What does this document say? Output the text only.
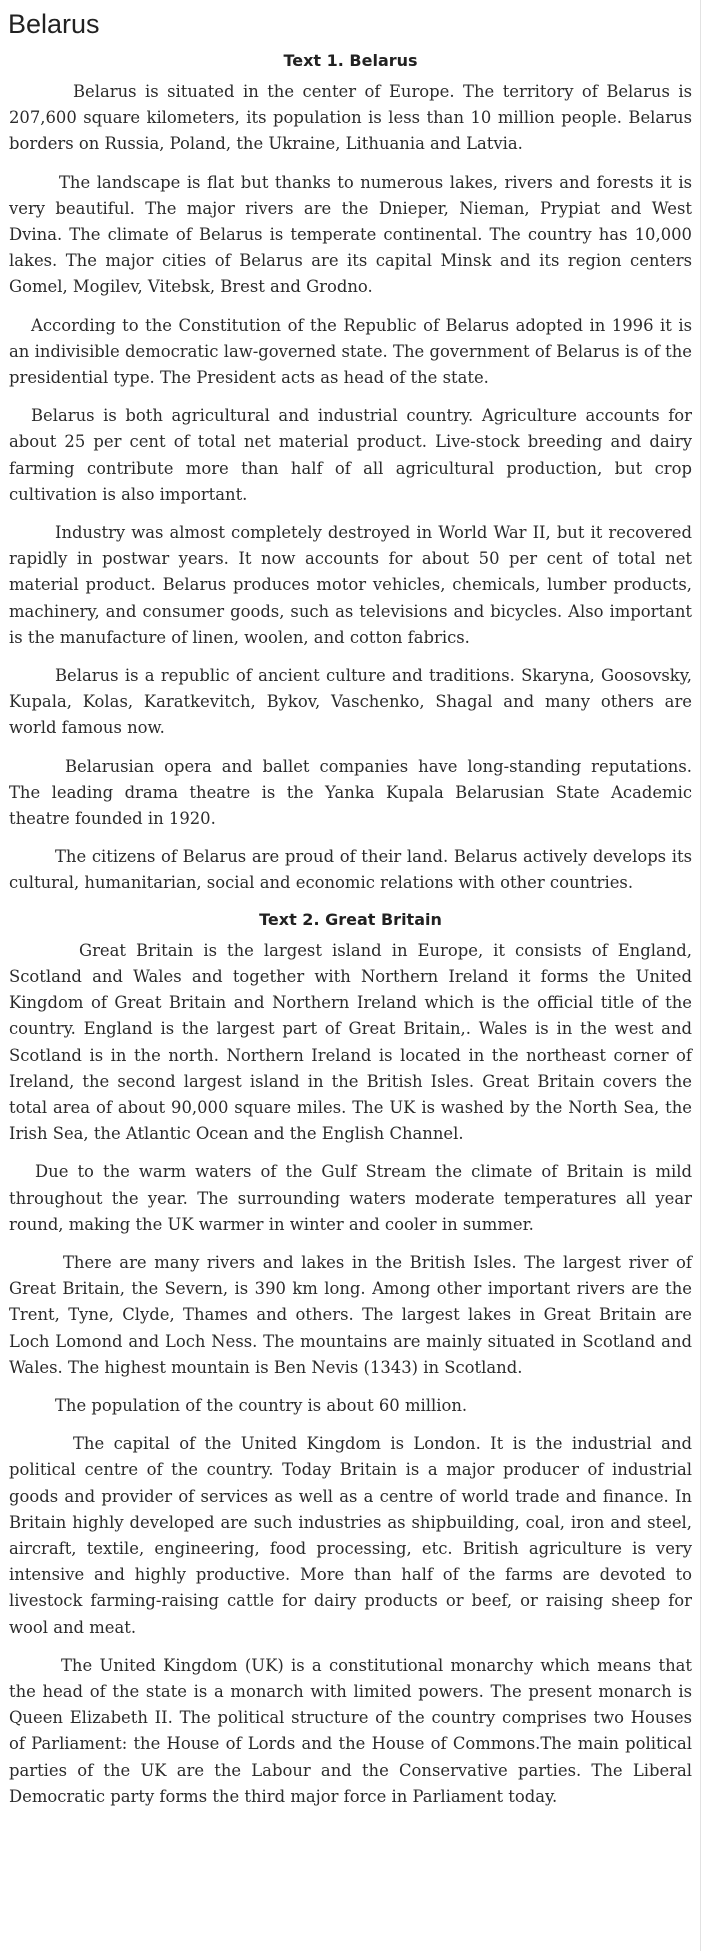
Belarus
Text 1. Belarus

Belarus is situated in the center of Europe. The territory of Belarus is 207,600 square kilometers, its population is less than 10 million people. Belarus borders on Russia, Poland, the Ukraine, Lithuania and Latvia.

The landscape is flat but thanks to numerous lakes, rivers and forests it is very beautiful. The major rivers are the Dnieper, Nieman, Prypiat and West Dvina. The climate of Belarus is temperate continental. The country has 10,000 lakes. The major cities of Belarus are its capital Minsk and its region centers Gomel, Mogilev, Vitebsk, Brest and Grodno.

According to the Constitution of the Republic of Belarus adopted in 1996 it is an indivisible democratic law-governed state. The government of Belarus is of the presidential type. The President acts as head of the state.

Belarus is both agricultural and industrial country. Agriculture accounts for about 25 per cent of total net material product. Live-stock breeding and dairy farming contribute more than half of all agricultural production, but crop cultivation is also important.

Industry was almost completely destroyed in World War II, but it recovered rapidly in postwar years. It now accounts for about 50 per cent of total net material product. Belarus produces motor vehicles, chemicals, lumber products, machinery, and consumer goods, such as televisions and bicycles. Also important is the manufacture of linen, woolen, and cotton fabrics.

Belarus is a republic of ancient culture and traditions. Skaryna, Goosovsky, Kupala, Kolas, Karatkevitch, Bykov, Vaschenko, Shagal and many others are world famous now.

Belarusian opera and ballet companies have long-standing reputations. The leading drama theatre is the Yanka Kupala Belarusian State Academic theatre founded in 1920.

The citizens of Belarus are proud of their land. Belarus actively develops its cultural, humanitarian, social and economic relations with other countries.

Text 2. Great Britain

Great Britain is the largest island in Europe, it consists of England, Scotland and Wales and together with Northern Ireland it forms the United Kingdom of Great Britain and Northern Ireland which is the official title of the country. England is the largest part of Great Britain,. Wales is in the west and Scotland is in the north. Northern Ireland is located in the northeast corner of Ireland, the second largest island in the British Isles. Great Britain covers the total area of about 90,000 square miles. The UK is washed by the North Sea, the Irish Sea, the Atlantic Ocean and the English Channel.

Due to the warm waters of the Gulf Stream the climate of Britain is mild throughout the year. The surrounding waters moderate temperatures all year round, making the UK warmer in winter and cooler in summer.

There are many rivers and lakes in the British Isles. The largest river of Great Britain, the Severn, is 390 km long. Among other important rivers are the Trent, Tyne, Clyde, Thames and others. The largest lakes in Great Britain are Loch Lomond and Loch Ness. The mountains are mainly situated in Scotland and Wales. The highest mountain is Ben Nevis (1343) in Scotland.

The population of the country is about 60 million.

The capital of the United Kingdom is London. It is the industrial and political centre of the country. Today Britain is a major producer of industrial goods and provider of services as well as a centre of world trade and finance. In Britain highly developed are such industries as shipbuilding, coal, iron and steel, aircraft, textile, engineering, food processing, etc. British agriculture is very intensive and highly productive. More than half of the farms are devoted to livestock farming-raising cattle for dairy products or beef, or raising sheep for wool and meat.

The United Kingdom (UK) is a constitutional monarchy which means that the head of the state is a monarch with limited powers. The present monarch is Queen Elizabeth II. The political structure of the country comprises two Houses of Parliament: the House of Lords and the House of Commons.The main political parties of the UK are the Labour and the Conservative parties. The Liberal Democratic party forms the third major force in Parliament today.
